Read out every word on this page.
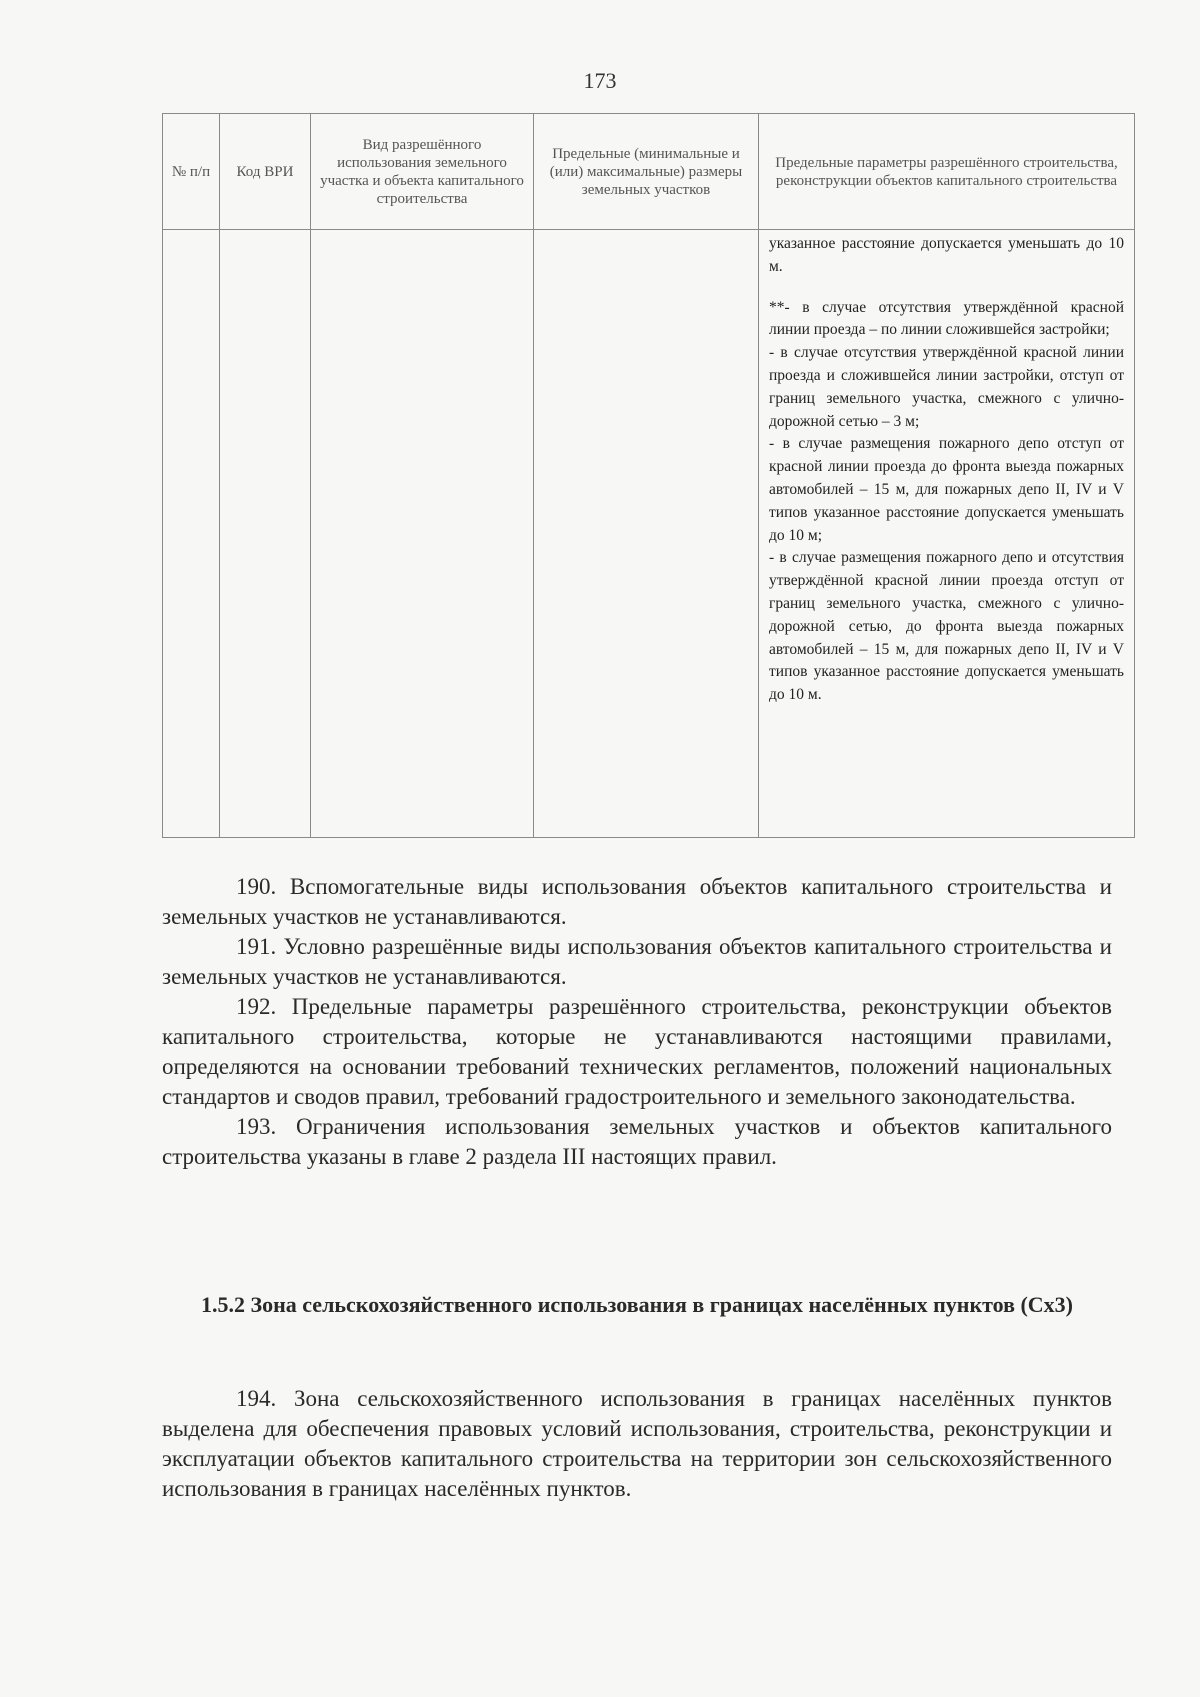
173
№ п/п	Код ВРИ	Вид разрешённого использования земельного участка и объекта капитального строительства	Предельные (минимальные и (или) максимальные) размеры земельных участков	Предельные параметры разрешённого строительства, реконструкции объектов капитального строительства

				указанное расстояние допускается уменьшать до 10 м.

**- в случае отсутствия утверждённой красной линии проезда – по линии сложившейся застройки;

- в случае отсутствия утверждённой красной линии проезда и сложившейся линии застройки, отступ от границ земельного участка, смежного с улично-дорожной сетью – 3 м;

- в случае размещения пожарного депо отступ от красной линии проезда до фронта выезда пожарных автомобилей – 15 м, для пожарных депо II, IV и V типов указанное расстояние допускается уменьшать до 10 м;

- в случае размещения пожарного депо и отсутствия утверждённой красной линии проезда отступ от границ земельного участка, смежного с улично-дорожной сетью, до фронта выезда пожарных автомобилей – 15 м, для пожарных депо II, IV и V типов указанное расстояние допускается уменьшать до 10 м.

190. Вспомогательные виды использования объектов капитального строительства и земельных участков не устанавливаются.

191. Условно разрешённые виды использования объектов капитального строительства и земельных участков не устанавливаются.

192. Предельные параметры разрешённого строительства, реконструкции объектов капитального строительства, которые не устанавливаются настоящими правилами, определяются на основании требований технических регламентов, положений национальных стандартов и сводов правил, требований градостроительного и земельного законодательства.

193. Ограничения использования земельных участков и объектов капитального строительства указаны в главе 2 раздела III настоящих правил.

1.5.2 Зона сельскохозяйственного использования в границах населённых пунктов (Сх3)

194. Зона сельскохозяйственного использования в границах населённых пунктов выделена для обеспечения правовых условий использования, строительства, реконструкции и эксплуатации объектов капитального строительства на территории зон сельскохозяйственного использования в границах населённых пунктов.
